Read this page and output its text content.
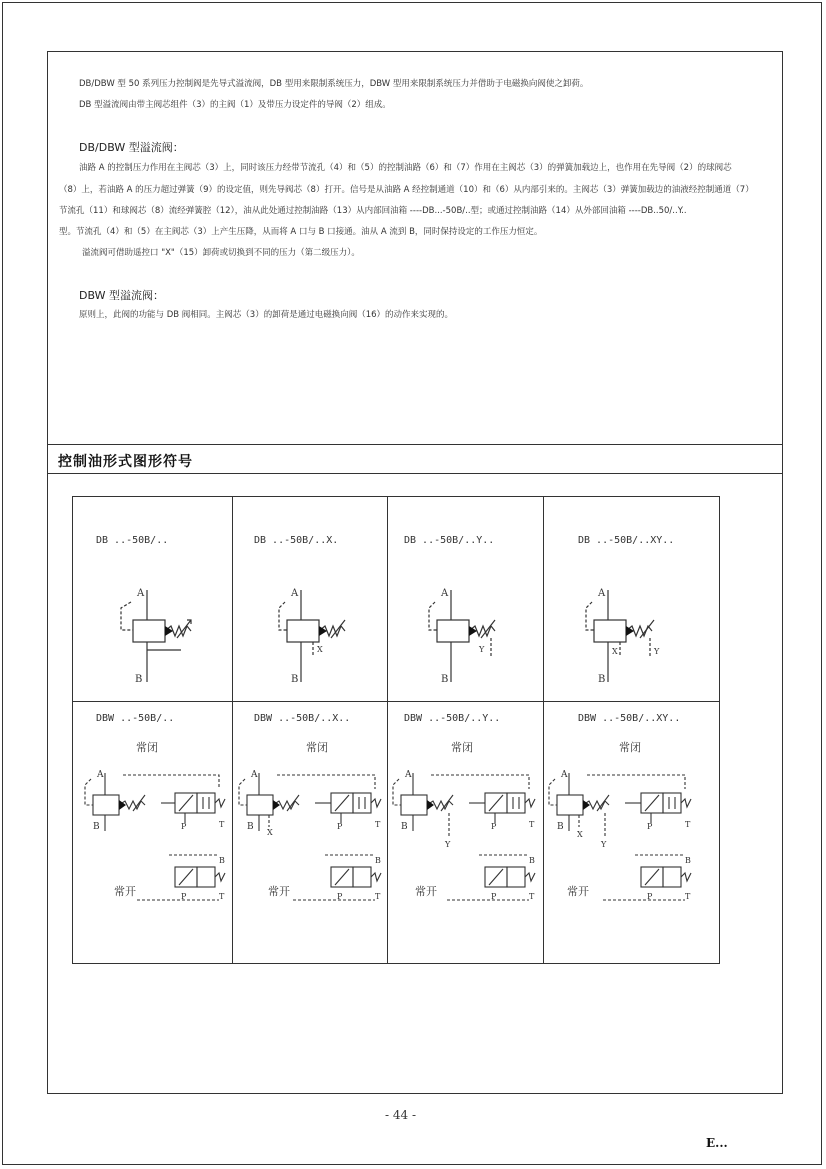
DB/DBW 型 50 系列压力控制阀是先导式溢流阀，DB 型用来限制系统压力，DBW 型用来限制系统压力并借助于电磁换向阀使之卸荷。
DB 型溢流阀由带主阀芯组件（3）的主阀（1）及带压力设定件的导阀（2）组成。
DB/DBW 型溢流阀：
油路 A 的控制压力作用在主阀芯（3）上，同时该压力经带节流孔（4）和（5）的控制油路（6）和（7）作用在主阀芯（3）的弹簧加载边上，也作用在先导阀（2）的球阀芯
（8）上，若油路 A 的压力超过弹簧（9）的设定值，则先导阀芯（8）打开。信号是从油路 A 经控制通道（10）和（6）从内部引来的。主阀芯（3）弹簧加载边的油液经控制通道（7）
节流孔（11）和球阀芯（8）流经弹簧腔（12），油从此处通过控制油路（13）从内部回油箱 ----DB...-50B/..型；或通过控制油路（14）从外部回油箱 ----DB..50/..Y..
型。节流孔（4）和（5）在主阀芯（3）上产生压降，从而将 A 口与 B 口接通。油从 A 流到 B，同时保持设定的工作压力恒定。
溢流阀可借助遥控口 "X"（15）卸荷或切换到不同的压力（第二级压力）。
DBW 型溢流阀：
原则上，此阀的功能与 DB 阀相同。主阀芯（3）的卸荷是通过电磁换向阀（16）的动作来实现的。
控制油形式图形符号
DB ..-50B/..	DB ..-50B/..X.	DB ..-50B/..Y..	DB ..-50B/..XY..
DBW ..-50B/..	DBW ..-50B/..X..	DBW ..-50B/..Y..	DBW ..-50B/..XY..
常闭	常闭	常闭	常闭
常开	常开	常开	常开
A
B
A
B
X
A
B
Y
A
B
X	Y
A
B	P	T
B
P	T
A
B
X
P	T
B
P	T
A
B
Y
P	T
B
P	T
A
B
X
Y
P	T
B
P	T
- 44 -
E...
